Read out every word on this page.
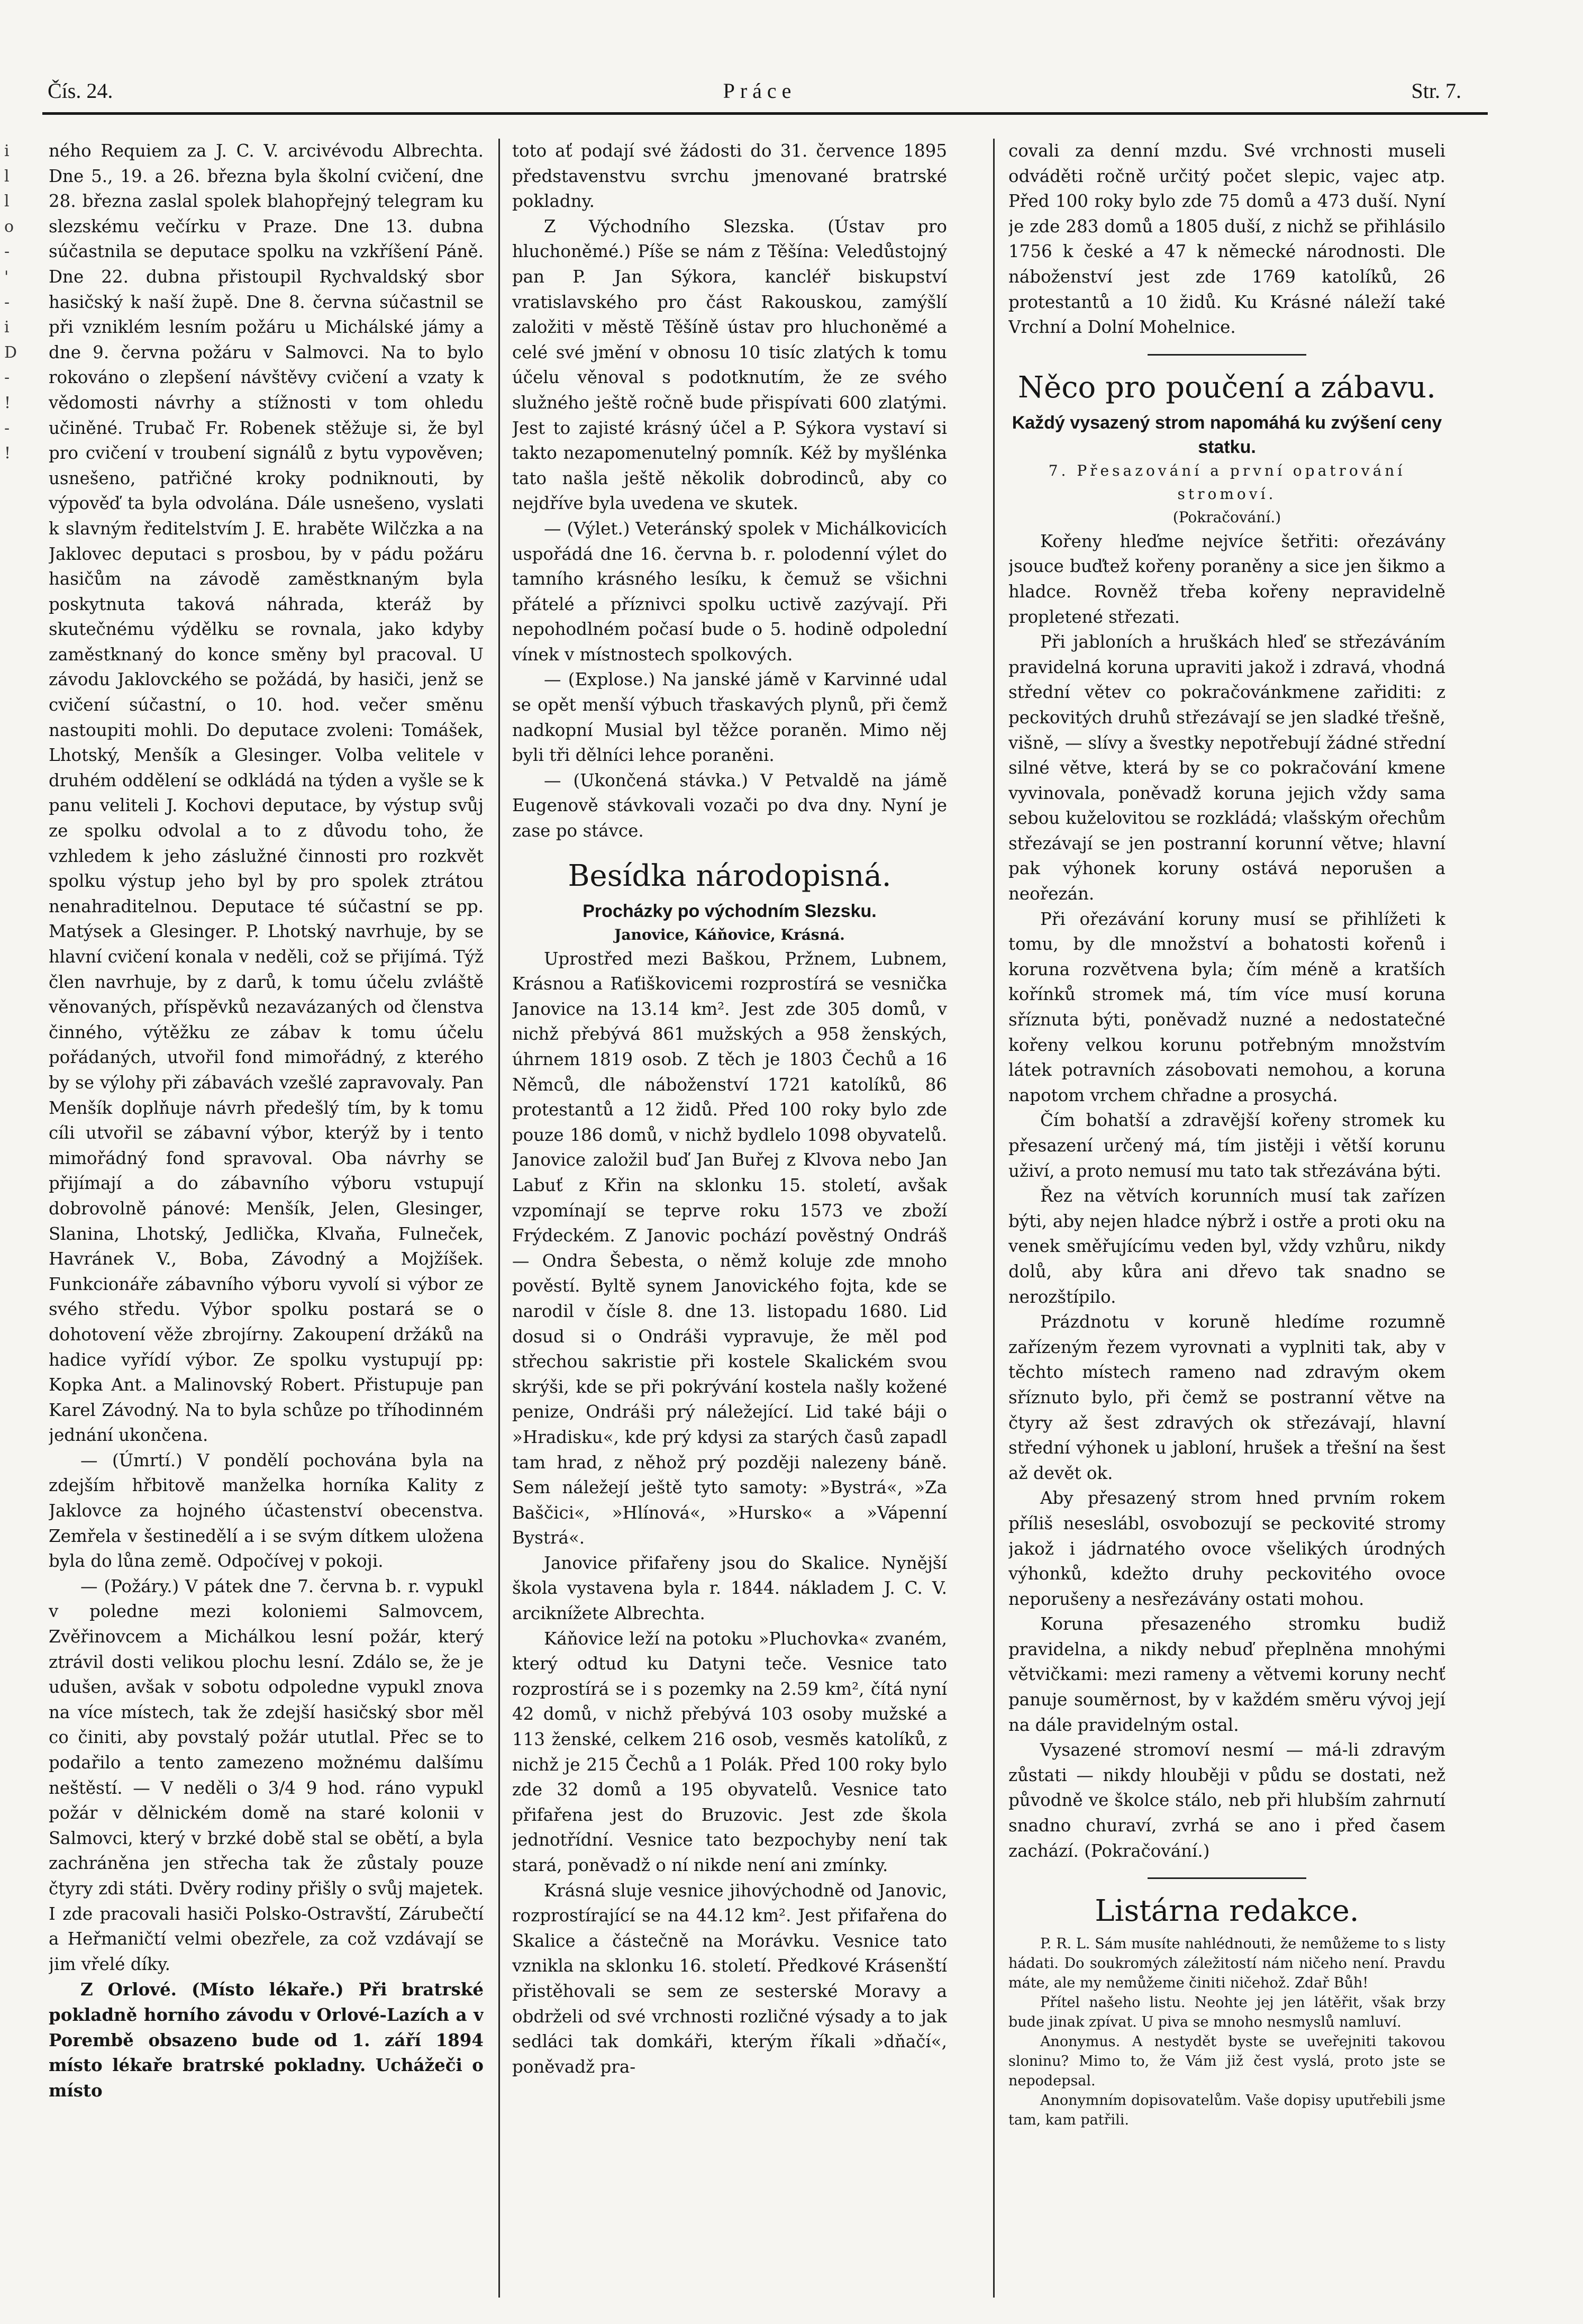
Čís. 24.	Práce	Str. 7.
i
l
l
o
-
'
-
i
D
-
!
-
!

ného Requiem za J. C. V. arcivévodu Albrechta. Dne 5., 19. a 26. března byla školní cvičení, dne 28. března zaslal spolek blahopřejný telegram ku slezskému večírku v Praze. Dne 13. dubna súčastnila se deputace spolku na vzkříšení Páně. Dne 22. dubna přistoupil Rychvaldský sbor hasičský k naší župě. Dne 8. června súčastnil se při vzniklém lesním požáru u Michálské jámy a dne 9. června požáru v Salmovci. Na to bylo rokováno o zlepšení návštěvy cvičení a vzaty k vědomosti návrhy a stížnosti v tom ohledu učiněné. Trubač Fr. Robenek stěžuje si, že byl pro cvičení v troubení signálů z bytu vypověven; usnešeno, patřičné kroky podniknouti, by výpověď ta byla odvolána. Dále usnešeno, vyslati k slavným ředitelstvím J. E. hraběte Wilčzka a na Jaklovec deputaci s prosbou, by v pádu požáru hasičům na závodě zaměstknaným byla poskytnuta taková náhrada, kteráž by skutečnému výdělku se rovnala, jako kdyby zaměstknaný do konce směny byl pracoval. U závodu Jaklovckého se požádá, by hasiči, jenž se cvičení súčastní, o 10. hod. večer směnu nastoupiti mohli. Do deputace zvoleni: Tomášek, Lhotský, Menšík a Glesinger. Volba velitele v druhém oddělení se odkládá na týden a vyšle se k panu veliteli J. Kochovi deputace, by výstup svůj ze spolku odvolal a to z důvodu toho, že vzhledem k jeho záslužné činnosti pro rozkvět spolku výstup jeho byl by pro spolek ztrátou nenahraditelnou. Deputace té súčastní se pp. Matýsek a Glesinger. P. Lhotský navrhuje, by se hlavní cvičení konala v neděli, což se přijímá. Týž člen navrhuje, by z darů, k tomu účelu zvláště věnovaných, příspěvků nezavázaných od členstva činného, výtěžku ze zábav k tomu účelu pořádaných, utvořil fond mimořádný, z kterého by se výlohy při zábavách vzešlé zapravovaly. Pan Menšík doplňuje návrh předešlý tím, by k tomu cíli utvořil se zábavní výbor, kterýž by i tento mimořádný fond spravoval. Oba návrhy se přijímají a do zábavního výboru vstupují dobrovolně pánové: Menšík, Jelen, Glesinger, Slanina, Lhotský, Jedlička, Klvaňa, Fulneček, Havránek V., Boba, Závodný a Mojžíšek. Funkcionáře zábavního výboru vyvolí si výbor ze svého středu. Výbor spolku postará se o dohotovení věže zbrojírny. Zakoupení držáků na hadice vyřídí výbor. Ze spolku vystupují pp: Kopka Ant. a Malinovský Robert. Přistupuje pan Karel Závodný. Na to byla schůze po tříhodinném jednání ukončena.

— (Úmrtí.) V pondělí pochována byla na zdejším hřbitově manželka horníka Kality z Jaklovce za hojného účastenství obecenstva. Zemřela v šestinedělí a i se svým dítkem uložena byla do lůna země. Odpočívej v pokoji.

— (Požáry.) V pátek dne 7. června b. r. vypukl v poledne mezi koloniemi Salmovcem, Zvěřinovcem a Michálkou lesní požár, který ztrávil dosti velikou plochu lesní. Zdálo se, že je udušen, avšak v sobotu odpoledne vypukl znova na více místech, tak že zdejší hasičský sbor měl co činiti, aby povstalý požár ututlal. Přec se to podařilo a tento zamezeno možnému dalšímu neštěstí. — V neděli o 3/4 9 hod. ráno vypukl požár v dělnickém domě na staré kolonii v Salmovci, který v brzké době stal se obětí, a byla zachráněna jen střecha tak že zůstaly pouze čtyry zdi státi. Dvěry rodiny přišly o svůj majetek. I zde pracovali hasiči Polsko-Ostravští, Zárubečtí a Heřmaničtí velmi obezřele, za což vzdávají se jim vřelé díky.

Z Orlové. (Místo lékaře.) Při bratrské pokladně horního závodu v Orlové-Lazích a v Porembě obsazeno bude od 1. září 1894 místo lékaře bratrské pokladny. Uchážeči o místo

toto ať podají své žádosti do 31. července 1895 představenstvu svrchu jmenované bratrské pokladny.

Z Východního Slezska. (Ústav pro hluchoněmé.) Píše se nám z Těšína: Veledůstojný pan P. Jan Sýkora, kancléř biskupství vratislavského pro část Rakouskou, zamýšlí založiti v městě Těšíně ústav pro hluchoněmé a celé své jmění v obnosu 10 tisíc zlatých k tomu účelu věnoval s podotknutím, že ze svého služného ještě ročně bude přispívati 600 zlatými. Jest to zajisté krásný účel a P. Sýkora vystaví si takto nezapomenutelný pomník. Kéž by myšlénka tato našla ještě několik dobrodinců, aby co nejdříve byla uvedena ve skutek.

— (Výlet.) Veteránský spolek v Michálkovicích uspořádá dne 16. června b. r. polodenní výlet do tamního krásného lesíku, k čemuž se všichni přátelé a příznivci spolku uctivě zazývají. Při nepohodlném počasí bude o 5. hodině odpolední vínek v místnostech spolkových.

— (Explose.) Na janské jámě v Karvinné udal se opět menší výbuch třaskavých plynů, při čemž nadkopní Musial byl těžce poraněn. Mimo něj byli tři dělníci lehce poraněni.

— (Ukončená stávka.) V Petvaldě na jámě Eugenově stávkovali vozači po dva dny. Nyní je zase po stávce.

Besídka národopisná.

Procházky po východním Slezsku.

Janovice, Káňovice, Krásná.

Uprostřed mezi Baškou, Pržnem, Lubnem, Krásnou a Raťiškovicemi rozprostírá se vesnička Janovice na 13.14 km². Jest zde 305 domů, v nichž přebývá 861 mužských a 958 ženských, úhrnem 1819 osob. Z těch je 1803 Čechů a 16 Němců, dle náboženství 1721 katolíků, 86 protestantů a 12 židů. Před 100 roky bylo zde pouze 186 domů, v nichž bydlelo 1098 obyvatelů. Janovice založil buď Jan Buřej z Klvova nebo Jan Labuť z Křin na sklonku 15. století, avšak vzpomínají se teprve roku 1573 ve zboží Frýdeckém. Z Janovic pochází pověstný Ondráš — Ondra Šebesta, o němž koluje zde mnoho pověstí. Byltě synem Janovického fojta, kde se narodil v čísle 8. dne 13. listopadu 1680. Lid dosud si o Ondráši vypravuje, že měl pod střechou sakristie při kostele Skalickém svou skrýši, kde se při pokrývání kostela našly kožené penize, Ondráši prý náležející. Lid také báji o »Hradisku«, kde prý kdysi za starých časů zapadl tam hrad, z něhož prý později nalezeny báně. Sem náležejí ještě tyto samoty: »Bystrá«, »Za Baščici«, »Hlínová«, »Hursko« a »Vápenní Bystrá«.

Janovice přifařeny jsou do Skalice. Nynější škola vystavena byla r. 1844. nákladem J. C. V. arciknížete Albrechta.

Káňovice leží na potoku »Pluchovka« zvaném, který odtud ku Datyni teče. Vesnice tato rozprostírá se i s pozemky na 2.59 km², čítá nyní 42 domů, v nichž přebývá 103 osoby mužské a 113 ženské, celkem 216 osob, vesměs katolíků, z nichž je 215 Čechů a 1 Polák. Před 100 roky bylo zde 32 domů a 195 obyvatelů. Vesnice tato přifařena jest do Bruzovic. Jest zde škola jednotřídní. Vesnice tato bezpochyby není tak stará, poněvadž o ní nikde není ani zmínky.

Krásná sluje vesnice jihovýchodně od Janovic, rozprostírající se na 44.12 km². Jest přifařena do Skalice a částečně na Morávku. Vesnice tato vznikla na sklonku 16. století. Předkové Krásenští přistěhovali se sem ze sesterské Moravy a obdrželi od své vrchnosti rozličné výsady a to jak sedláci tak domkáři, kterým říkali »dňačí«, poněvadž pra-

covali za denní mzdu. Své vrchnosti museli odváděti ročně určitý počet slepic, vajec atp. Před 100 roky bylo zde 75 domů a 473 duší. Nyní je zde 283 domů a 1805 duší, z nichž se přihlásilo 1756 k české a 47 k německé národnosti. Dle náboženství jest zde 1769 katolíků, 26 protestantů a 10 židů. Ku Krásné náleží také Vrchní a Dolní Mohelnice.

Něco pro poučení a zábavu.

Každý vysazený strom napomáhá ku zvýšení ceny statku.

7. Přesazování a první opatrování stromoví.

(Pokračování.)

Kořeny hleďme nejvíce šetřiti: ořezávány jsouce buďtež kořeny poraněny a sice jen šikmo a hladce. Rovněž třeba kořeny nepravidelně propletené střezati.

Při jabloních a hruškách hleď se střezáváním pravidelná koruna upraviti jakož i zdravá, vhodná střední větev co pokračovánkmene zařiditi: z peckovitých druhů střezávají se jen sladké třešně, višně, — slívy a švestky nepotřebují žádné střední silné větve, která by se co pokračování kmene vyvinovala, poněvadž koruna jejich vždy sama sebou kuželovitou se rozkládá; vlašským ořechům střezávají se jen postranní korunní větve; hlavní pak výhonek koruny ostává neporušen a neořezán.

Při ořezávání koruny musí se přihlížeti k tomu, by dle množství a bohatosti kořenů i koruna rozvětvena byla; čím méně a kratších kořínků stromek má, tím více musí koruna sříznuta býti, poněvadž nuzné a nedostatečné kořeny velkou korunu potřebným množstvím látek potravních zásobovati nemohou, a koruna napotom vrchem chřadne a prosychá.

Čím bohatší a zdravější kořeny stromek ku přesazení určený má, tím jistěji i větší korunu uživí, a proto nemusí mu tato tak střezávána býti.

Řez na větvích korunních musí tak zařízen býti, aby nejen hladce nýbrž i ostře a proti oku na venek směřujícímu veden byl, vždy vzhůru, nikdy dolů, aby kůra ani dřevo tak snadno se nerozštípilo.

Prázdnotu v koruně hledíme rozumně zařízeným řezem vyrovnati a vyplniti tak, aby v těchto místech rameno nad zdravým okem sříznuto bylo, při čemž se postranní větve na čtyry až šest zdravých ok střezávají, hlavní střední výhonek u jabloní, hrušek a třešní na šest až devět ok.

Aby přesazený strom hned prvním rokem příliš neseslábl, osvobozují se peckovité stromy jakož i jádrnatého ovoce všelikých úrodných výhonků, kdežto druhy peckovitého ovoce neporušeny a nesřezávány ostati mohou.

Koruna přesazeného stromku budiž pravidelna, a nikdy nebuď přeplněna mnohými větvičkami: mezi rameny a větvemi koruny nechť panuje souměrnost, by v každém směru vývoj její na dále pravidelným ostal.

Vysazené stromoví nesmí — má-li zdravým zůstati — nikdy hlouběji v půdu se dostati, než původně ve školce stálo, neb při hlubším zahrnutí snadno churaví, zvrhá se ano i před časem zachází. (Pokračování.)

Listárna redakce.

P. R. L. Sám musíte nahlédnouti, že nemůžeme to s listy hádati. Do soukromých záležitostí nám ničeho není. Pravdu máte, ale my nemůžeme činiti ničehož. Zdař Bůh!

Přítel našeho listu. Neohte jej jen látěřit, však brzy bude jinak zpívat. U piva se mnoho nesmyslů namluví.

Anonymus. A nestydět byste se uveřejniti takovou sloninu? Mimo to, že Vám již čest vyslá, proto jste se nepodepsal.

Anonymním dopisovatelům. Vaše dopisy uputřebili jsme tam, kam patřili.
